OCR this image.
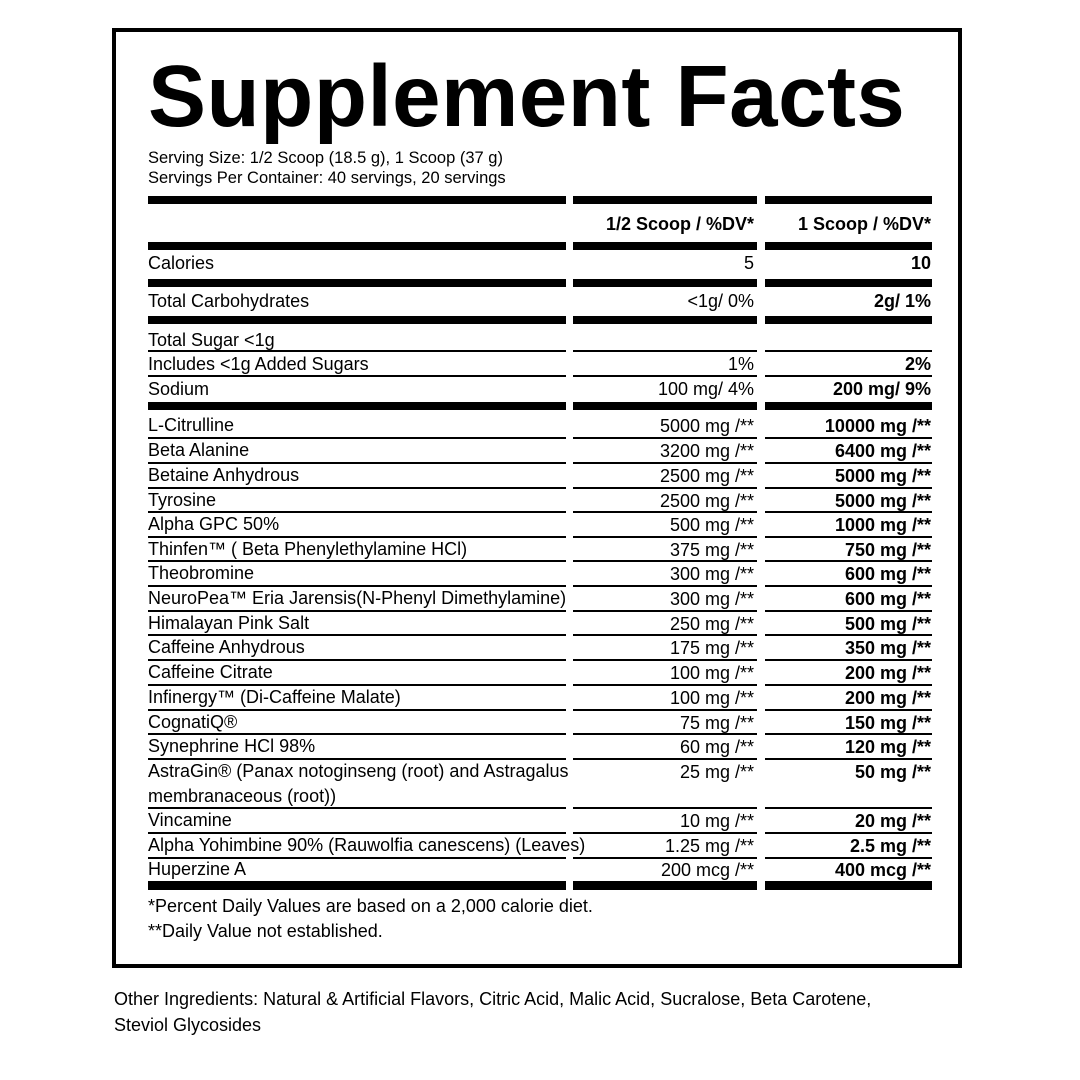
Supplement Facts
Serving Size: 1/2 Scoop (18.5 g), 1 Scoop (37 g)
Servings Per Container: 40 servings, 20 servings
1/2 Scoop / %DV* 1 Scoop / %DV*
Calories	5	10
Total Carbohydrates	<1g/ 0%	2g/ 1%
Total Sugar <1g
Includes <1g Added Sugars	1%	2%
Sodium	100 mg/ 4%	200 mg/ 9%
L-Citrulline	5000 mg /**	10000 mg /**
Beta Alanine	3200 mg /**	6400 mg /**
Betaine Anhydrous	2500 mg /**	5000 mg /**
Tyrosine	2500 mg /**	5000 mg /**
Alpha GPC 50%	500 mg /**	1000 mg /**
Thinfen™ ( Beta Phenylethylamine HCl)	375 mg /**	750 mg /**
Theobromine	300 mg /**	600 mg /**
NeuroPea™ Eria Jarensis(N-Phenyl Dimethylamine)	300 mg /**	600 mg /**
Himalayan Pink Salt	250 mg /**	500 mg /**
Caffeine Anhydrous	175 mg /**	350 mg /**
Caffeine Citrate	100 mg /**	200 mg /**
Infinergy™ (Di-Caffeine Malate)	100 mg /**	200 mg /**
CognatiQ®	75 mg /**	150 mg /**
Synephrine HCl 98%	60 mg /**	120 mg /**
AstraGin® (Panax notoginseng (root) and Astragalus
membranaceous (root))
25 mg /**	50 mg /**
Vincamine	10 mg /**	20 mg /**
Alpha Yohimbine 90% (Rauwolfia canescens) (Leaves)	1.25 mg /**	2.5 mg /**
Huperzine A	200 mcg /**	400 mcg /**
*Percent Daily Values are based on a 2,000 calorie diet.
**Daily Value not established.
Other Ingredients: Natural & Artificial Flavors, Citric Acid, Malic Acid, Sucralose, Beta Carotene, Steviol Glycosides
